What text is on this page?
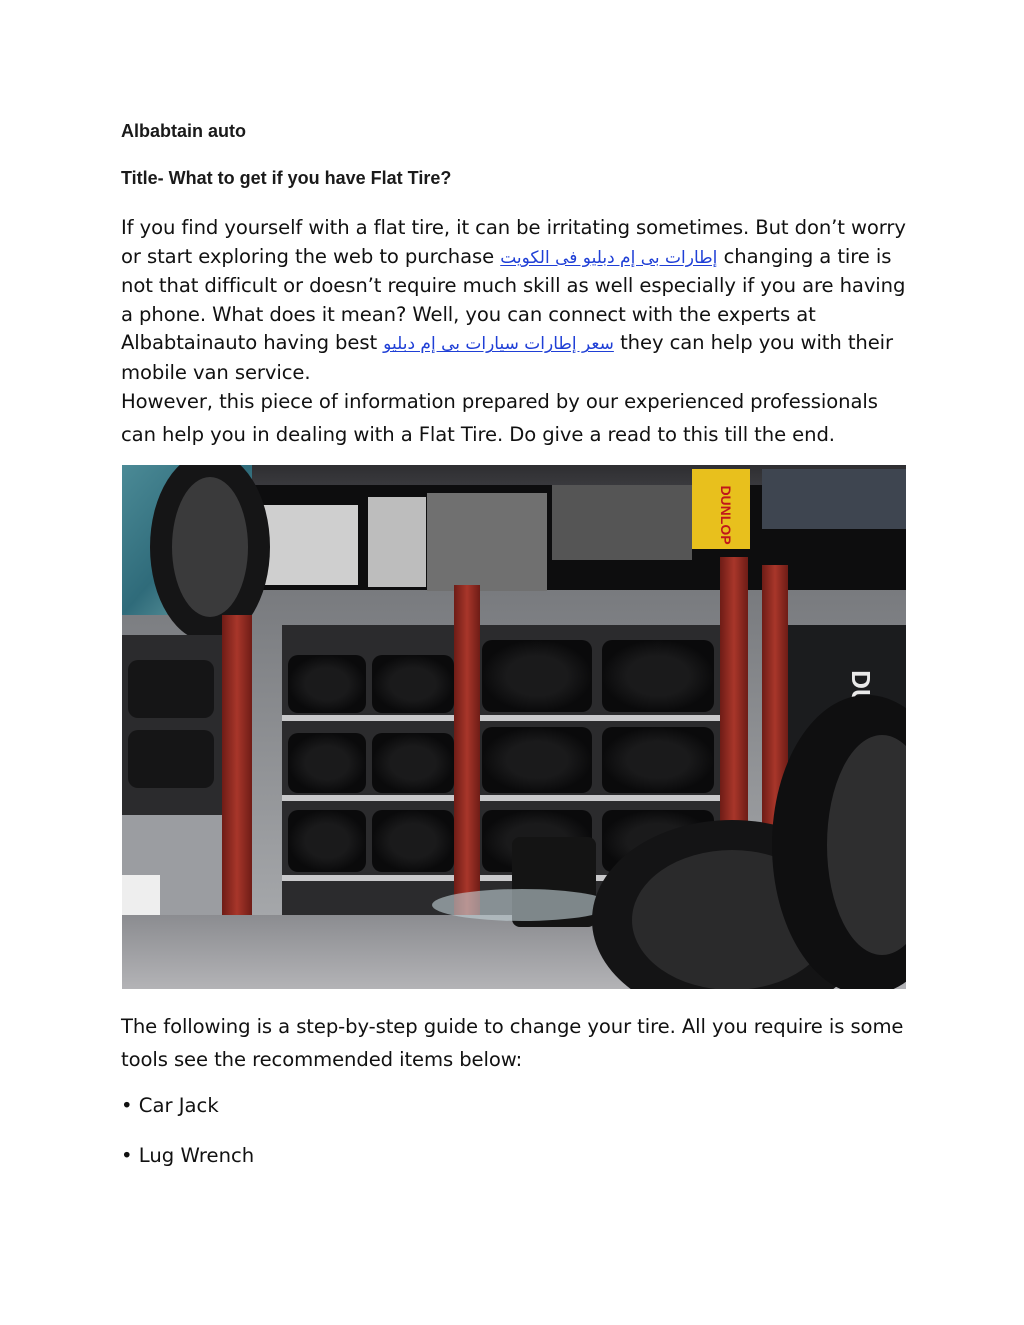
Albabtain auto
Title- What to get if you have Flat Tire?
If you find yourself with a flat tire, it can be irritating sometimes. But don’t worry or start exploring the web to purchase إطارات بى إم دبليو فى الكويت changing a tire is not that difficult or doesn’t require much skill as well especially if you are having a phone. What does it mean? Well, you can connect with the experts at Albabtainauto having best سعر إطارات سيارات بى إم دبليو they can help you with their mobile van service.
However, this piece of information prepared by our experienced professionals can help you in dealing with a Flat Tire. Do give a read to this till the end.
DUNLOP
The following is a step-by-step guide to change your tire. All you require is some tools see the recommended items below:
• Car Jack
• Lug Wrench
